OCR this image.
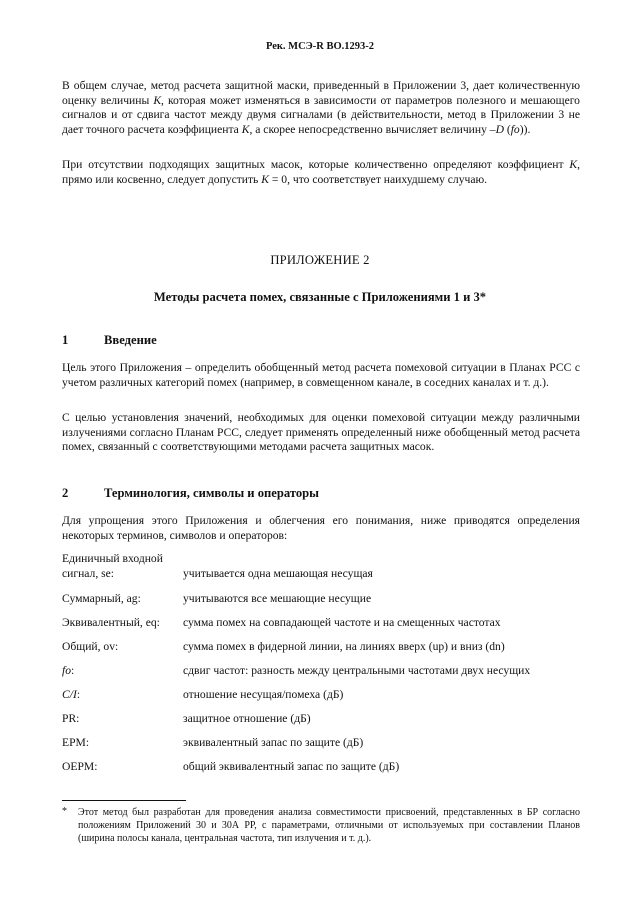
Рек. МСЭ-R BO.1293-2

В общем случае, метод расчета защитной маски, приведенный в Приложении 3, дает количественную оценку величины K, которая может изменяться в зависимости от параметров полезного и мешающего сигналов и от сдвига частот между двумя сигналами (в действительности, метод в Приложении 3 не дает точного расчета коэффициента K, а скорее непосредственно вычисляет величину –D (fo)).

При отсутствии подходящих защитных масок, которые количественно определяют коэффициент K, прямо или косвенно, следует допустить K = 0, что соответствует наихудшему случаю.

ПРИЛОЖЕНИЕ 2

Методы расчета помех, связанные с Приложениями 1 и 3*

1	Введение

Цель этого Приложения – определить обобщенный метод расчета помеховой ситуации в Планах РСС с учетом различных категорий помех (например, в совмещенном канале, в соседних каналах и т. д.).

С целью установления значений, необходимых для оценки помеховой ситуации между различными излучениями согласно Планам РСС, следует применять определенный ниже обобщенный метод расчета помех, связанный с соответствующими методами расчета защитных масок.

2	Терминология, символы и операторы

Для упрощения этого Приложения и облегчения его понимания, ниже приводятся определения некоторых терминов, символов и операторов:

Единичный входной
сигнал, se:	учитывается одна мешающая несущая

Суммарный, ag:	учитываются все мешающие несущие

Эквивалентный, eq: сумма помех на совпадающей частоте и на смещенных частотах

Общий, ov:	сумма помех в фидерной линии, на линиях вверх (up) и вниз (dn)

fo:	сдвиг частот: разность между центральными частотами двух несущих

C/I:	отношение несущая/помеха (дБ)

PR:	защитное отношение (дБ)

EPM:	эквивалентный запас по защите (дБ)

OEPM:	общий эквивалентный запас по защите (дБ)

* Этот метод был разработан для проведения анализа совместимости присвоений, представленных в БР согласно положениям Приложений 30 и 30А РР, с параметрами, отличными от используемых при составлении Планов (ширина полосы канала, центральная частота, тип излучения и т. д.).
